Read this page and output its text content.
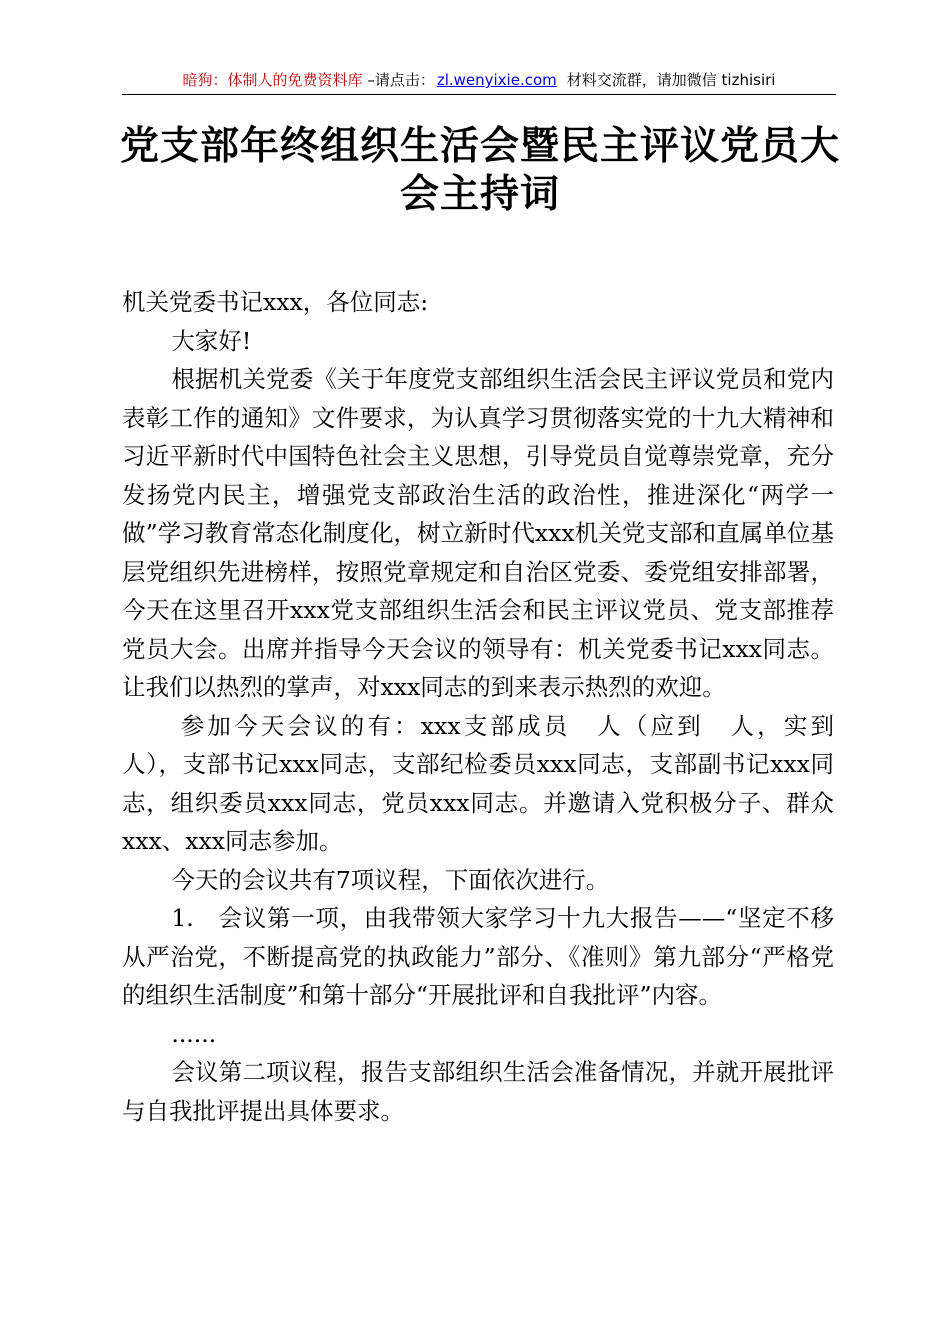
暗狗：体制人的免费资料库 –请点击： zl.wenyixie.com 材料交流群，请加微信 tizhisiri
党支部年终组织生活会暨民主评议党员大会主持词

机关党委书记xxx，各位同志:

大家好!

根据机关党委《关于年度党支部组织生活会民主评议党员和党内表彰工作的通知》文件要求，为认真学习贯彻落实党的十九大精神和习近平新时代中国特色社会主义思想，引导党员自觉尊崇党章，充分发扬党内民主，增强党支部政治生活的政治性，推进深化“两学一做”学习教育常态化制度化，树立新时代xxx机关党支部和直属单位基层党组织先进榜样，按照党章规定和自治区党委、委党组安排部署，今天在这里召开xxx党支部组织生活会和民主评议党员、党支部推荐党员大会。出席并指导今天会议的领导有：机关党委书记xxx同志。让我们以热烈的掌声，对xxx同志的到来表示热烈的欢迎。

参加今天会议的有：xxx支部成员　人（应到　人，实到　人），支部书记xxx同志，支部纪检委员xxx同志，支部副书记xxx同志，组织委员xxx同志，党员xxx同志。并邀请入党积极分子、群众xxx、xxx同志参加。

今天的会议共有7项议程，下面依次进行。

1.　会议第一项，由我带领大家学习十九大报告——“坚定不移从严治党，不断提高党的执政能力”部分、《准则》第九部分“严格党的组织生活制度”和第十部分“开展批评和自我批评”内容。

......

会议第二项议程，报告支部组织生活会准备情况，并就开展批评与自我批评提出具体要求。
